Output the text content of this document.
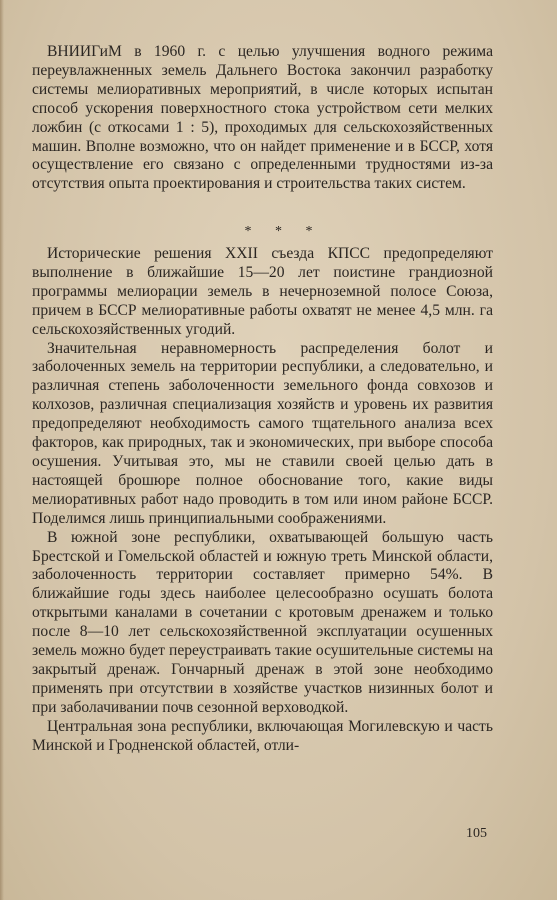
ВНИИГиМ в 1960 г. с целью улучшения водного режима переувлажненных земель Дальнего Востока закончил разработку системы мелиоративных мероприятий, в числе которых испытан способ ускорения поверхностного стока устройством сети мелких ложбин (с откосами 1 : 5), проходимых для сельскохозяйственных машин. Вполне возможно, что он найдет применение и в БССР, хотя осуществление его связано с определенными трудностями из-за отсутствия опыта проектирования и строительства таких систем.

* * *

Исторические решения XXII съезда КПСС предопределяют выполнение в ближайшие 15—20 лет поистине грандиозной программы мелиорации земель в нечерноземной полосе Союза, причем в БССР мелиоративные работы охватят не менее 4,5 млн. га сельскохозяйственных угодий.

Значительная неравномерность распределения болот и заболоченных земель на территории республики, а следовательно, и различная степень заболоченности земельного фонда совхозов и колхозов, различная специализация хозяйств и уровень их развития предопределяют необходимость самого тщательного анализа всех факторов, как природных, так и экономических, при выборе способа осушения. Учитывая это, мы не ставили своей целью дать в настоящей брошюре полное обоснование того, какие виды мелиоративных работ надо проводить в том или ином районе БССР. Поделимся лишь принципиальными соображениями.

В южной зоне республики, охватывающей большую часть Брестской и Гомельской областей и южную треть Минской области, заболоченность территории составляет примерно 54%. В ближайшие годы здесь наиболее целесообразно осушать болота открытыми каналами в сочетании с кротовым дренажем и только после 8—10 лет сельскохозяйственной эксплуатации осушенных земель можно будет переустраивать такие осушительные системы на закрытый дренаж. Гончарный дренаж в этой зоне необходимо применять при отсутствии в хозяйстве участков низинных болот и при заболачивании почв сезонной верховодкой.

Центральная зона республики, включающая Могилевскую и часть Минской и Гродненской областей, отли-

105
